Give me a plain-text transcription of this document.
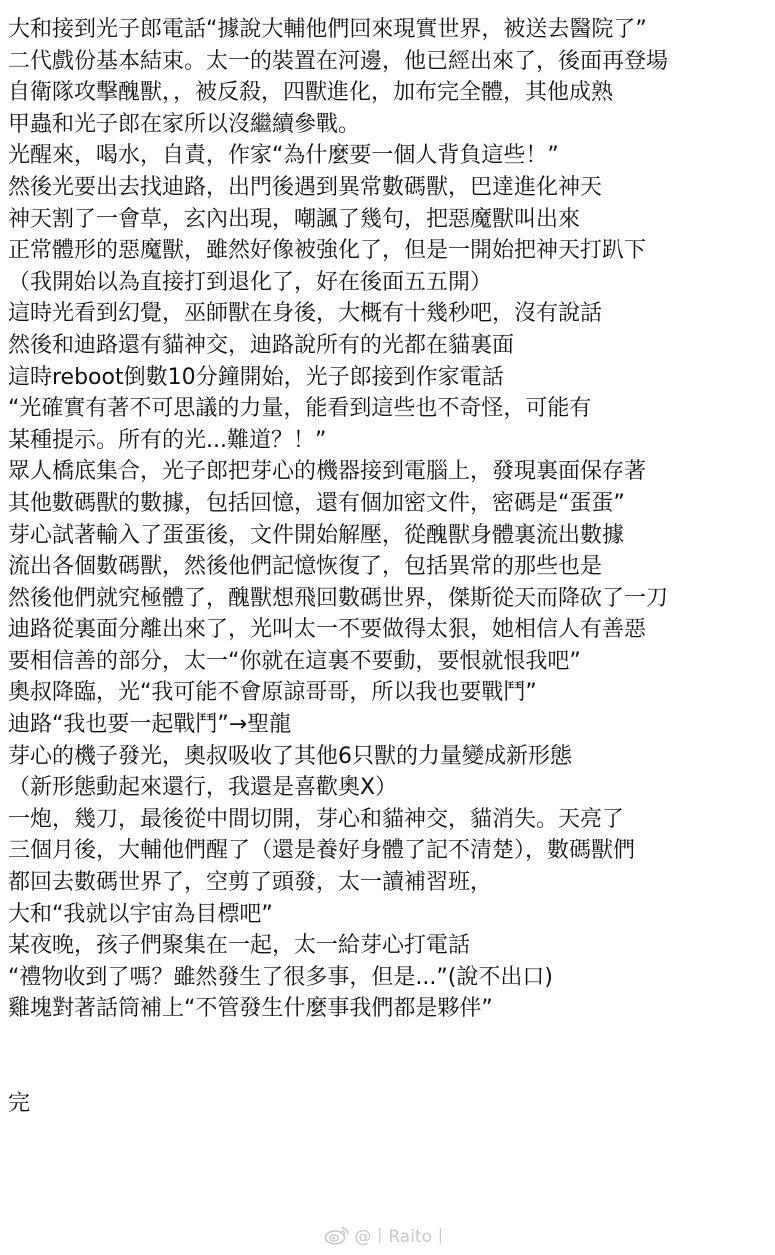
大和接到光子郎電話“據說大輔他們回來現實世界，被送去醫院了”
二代戲份基本結束。太一的裝置在河邊，他已經出來了，後面再登場
自衛隊攻擊醜獸，，被反殺，四獸進化，加布完全體，其他成熟
甲蟲和光子郎在家所以沒繼續參戰。
光醒來，喝水，自責，作家“為什麼要一個人背負這些！”
然後光要出去找迪路，出門後遇到異常數碼獸，巴達進化神天
神天割了一會草，玄內出現，嘲諷了幾句，把惡魔獸叫出來
正常體形的惡魔獸，雖然好像被強化了，但是一開始把神天打趴下
（我開始以為直接打到退化了，好在後面五五開）
這時光看到幻覺，巫師獸在身後，大概有十幾秒吧，沒有說話
然後和迪路還有貓神交，迪路說所有的光都在貓裏面
這時reboot倒數10分鐘開始，光子郎接到作家電話
“光確實有著不可思議的力量，能看到這些也不奇怪，可能有
某種提示。所有的光...難道？！”
眾人橋底集合，光子郎把芽心的機器接到電腦上，發現裏面保存著
其他數碼獸的數據，包括回憶，還有個加密文件，密碼是“蛋蛋”
芽心試著輸入了蛋蛋後，文件開始解壓，從醜獸身體裏流出數據
流出各個數碼獸，然後他們記憶恢復了，包括異常的那些也是
然後他們就究極體了，醜獸想飛回數碼世界，傑斯從天而降砍了一刀
迪路從裏面分離出來了，光叫太一不要做得太狠，她相信人有善惡
要相信善的部分，太一“你就在這裏不要動，要恨就恨我吧”
奧叔降臨，光“我可能不會原諒哥哥，所以我也要戰鬥”
迪路“我也要一起戰鬥”→聖龍
芽心的機子發光，奧叔吸收了其他6只獸的力量變成新形態
（新形態動起來還行，我還是喜歡奧X）
一炮，幾刀，最後從中間切開，芽心和貓神交，貓消失。天亮了
三個月後，大輔他們醒了（還是養好身體了記不清楚），數碼獸們
都回去數碼世界了，空剪了頭發，太一讀補習班，
大和“我就以宇宙為目標吧”
某夜晚，孩子們聚集在一起，太一給芽心打電話
“禮物收到了嗎？雖然發生了很多事，但是...”(說不出口)
雞塊對著話筒補上“不管發生什麼事我們都是夥伴”
完
@丨Raito丨
